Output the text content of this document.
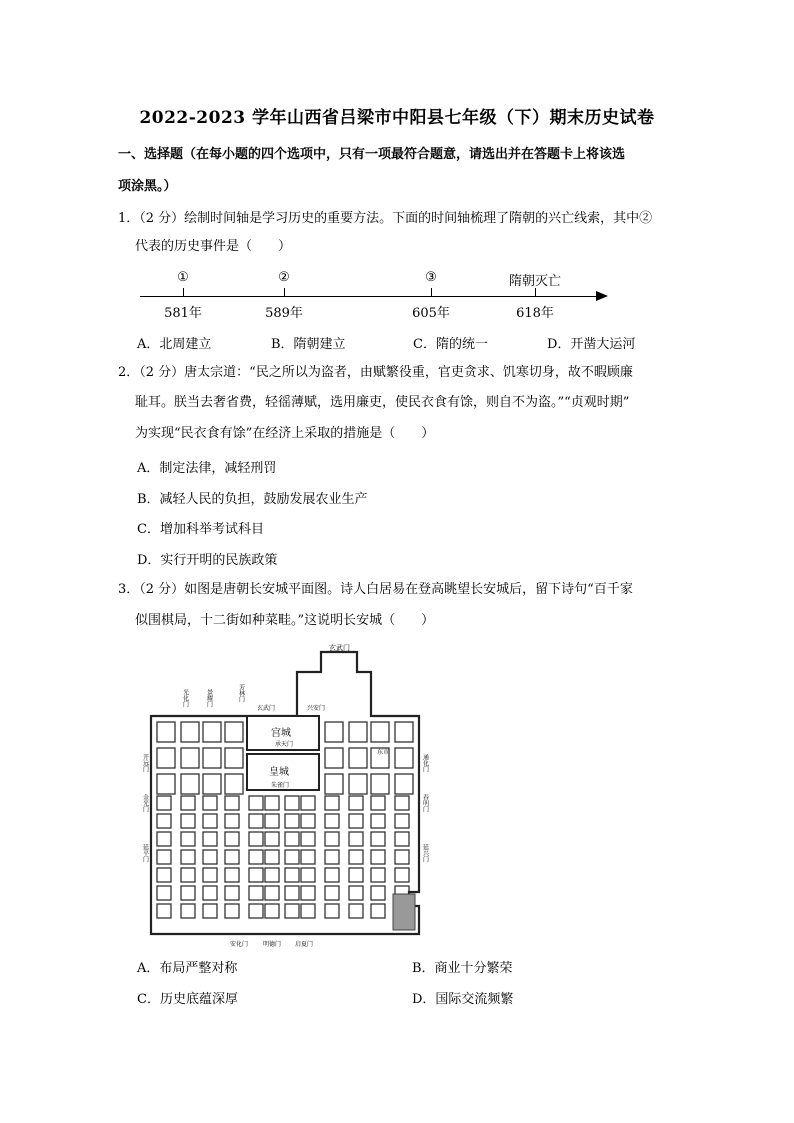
2022-2023 学年山西省吕梁市中阳县七年级（下）期末历史试卷
一、选择题（在每小题的四个选项中，只有一项最符合题意，请选出并在答题卡上将该选
项涂黑。）
1．（2 分）绘制时间轴是学习历史的重要方法。下面的时间轴梳理了隋朝的兴亡线索，其中②
代表的历史事件是（　　）
①	②	③	隋朝灭亡
581年	589年	605年	618年
A．北周建立	B．隋朝建立	C．隋的统一	D．开凿大运河
2．（2 分）唐太宗道：“民之所以为盗者，由赋繁役重，官吏贪求、饥寒切身，故不暇顾廉
耻耳。朕当去奢省费，轻徭薄赋，选用廉吏，使民衣食有馀，则自不为盗。”“贞观时期”
为实现“民衣食有馀”在经济上采取的措施是（　　）
A．制定法律，减轻刑罚
B．减轻人民的负担，鼓励发展农业生产
C．增加科举考试科目
D．实行开明的民族政策
3．（2 分）如图是唐朝长安城平面图。诗人白居易在登高眺望长安城后，留下诗句“百千家
似围棋局，十二街如种菜畦。”这说明长安城（　　）
宫城
承天门
皇城
朱雀门
玄武门
安化门 明德门 启夏门
开远门
金光门
延平门
通化门
春明门
延兴门
光化门	景耀门	芳林门
玄武门	兴安门
东市
A．布局严整对称	B．商业十分繁荣
C．历史底蕴深厚	D．国际交流频繁
